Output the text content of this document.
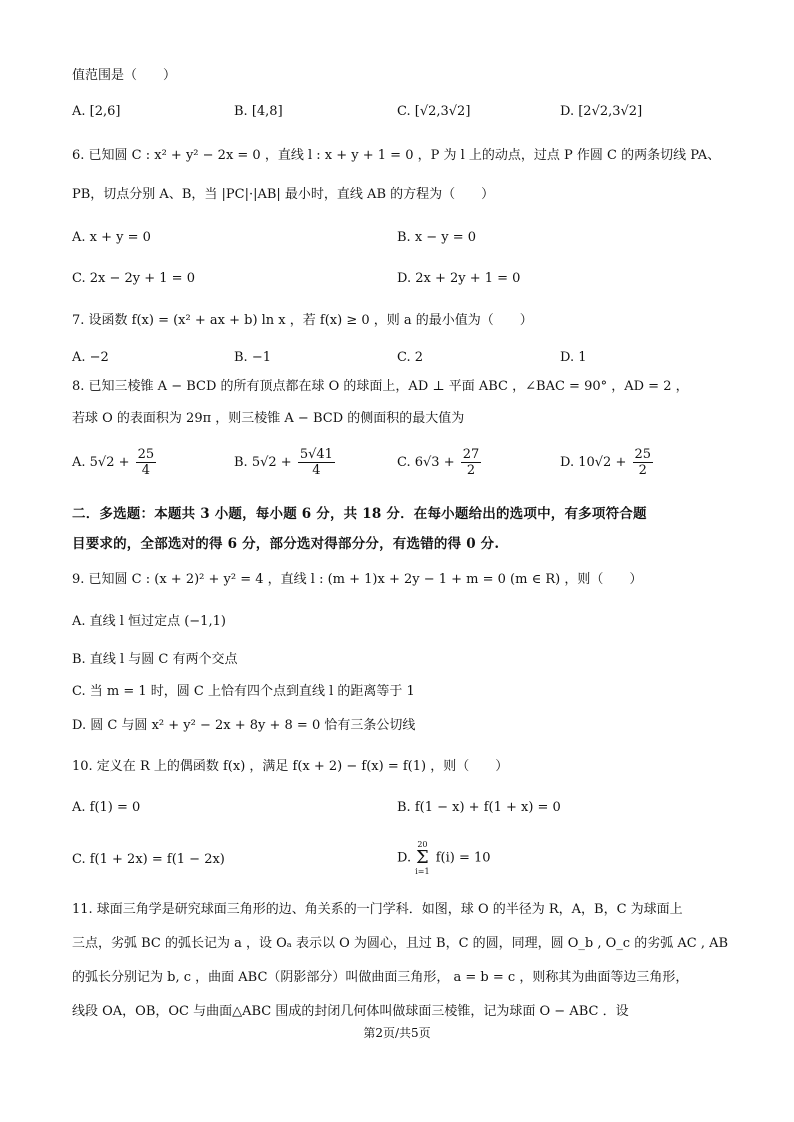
值范围是（　　）
A. [2,6]	B. [4,8]	C. [√2,3√2]	D. [2√2,3√2]
6. 已知圆 C : x² + y² − 2x = 0 ，直线 l : x + y + 1 = 0 ，P 为 l 上的动点，过点 P 作圆 C 的两条切线 PA、
PB，切点分别 A、B，当 |PC|·|AB| 最小时，直线 AB 的方程为（　　）
A. x + y = 0	B. x − y = 0
C. 2x − 2y + 1 = 0	D. 2x + 2y + 1 = 0
7. 设函数 f(x) = (x² + ax + b) ln x ，若 f(x) ≥ 0 ，则 a 的最小值为（　　）
A. −2	B. −1	C. 2	D. 1
8. 已知三棱锥 A − BCD 的所有顶点都在球 O 的球面上，AD ⊥ 平面 ABC ，∠BAC = 90° ，AD = 2 ，
若球 O 的表面积为 29π ，则三棱锥 A − BCD 的侧面积的最大值为
A. $5√2 + \frac{25}{4}$	B. $5√2 + \frac{5√41}{4}$	C. $6√3 + \frac{27}{2}$	D. $10√2 + \frac{25}{2}$
二．多选题：本题共 3 小题，每小题 6 分，共 18 分．在每小题给出的选项中，有多项符合题
目要求的，全部选对的得 6 分，部分选对得部分分，有选错的得 0 分.
9. 已知圆 C : (x + 2)² + y² = 4 ，直线 l : (m + 1)x + 2y − 1 + m = 0 (m ∈ R) ，则（　　）
A. 直线 l 恒过定点 (−1,1)
B. 直线 l 与圆 C 有两个交点
C. 当 m = 1 时，圆 C 上恰有四个点到直线 l 的距离等于 1
D. 圆 C 与圆 x² + y² − 2x + 8y + 8 = 0 恰有三条公切线
10. 定义在 R 上的偶函数 f(x) ，满足 f(x + 2) − f(x) = f(1) ，则（　　）
A. f(1) = 0	B. f(1 − x) + f(1 + x) = 0
C. f(1 + 2x) = f(1 − 2x)	D.
20
Σ
i=1
f(i) = 10
11. 球面三角学是研究球面三角形的边、角关系的一门学科．如图，球 O 的半径为 R，A，B，C 为球面上
三点，劣弧 BC 的弧长记为 a ，设 Oₐ 表示以 O 为圆心，且过 B，C 的圆，同理，圆 O_b , O_c 的劣弧 AC , AB
的弧长分别记为 b, c ，曲面 ABC（阴影部分）叫做曲面三角形， a = b = c ，则称其为曲面等边三角形，
线段 OA，OB，OC 与曲面△ABC 围成的封闭几何体叫做球面三棱锥，记为球面 O − ABC ．设
第2页/共5页
